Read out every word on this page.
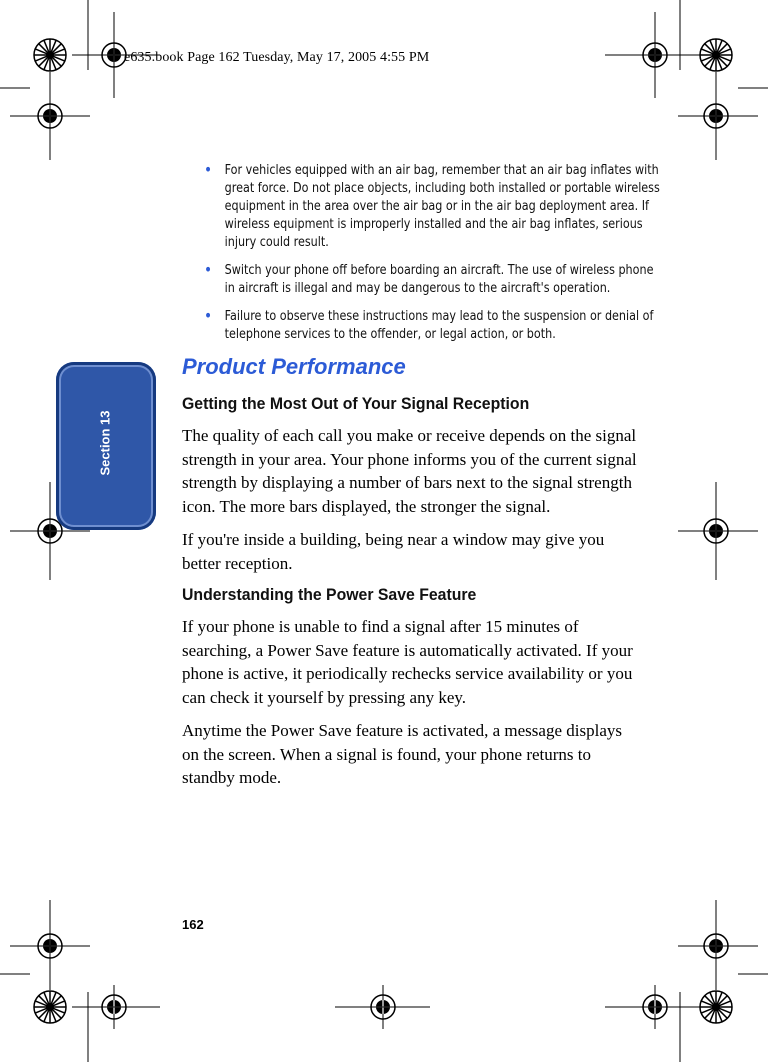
e635.book Page 162 Tuesday, May 17, 2005 4:55 PM
Section 13
• For vehicles equipped with an air bag, remember that an air bag inflates with great force. Do not place objects, including both installed or portable wireless equipment in the area over the air bag or in the air bag deployment area. If wireless equipment is improperly installed and the air bag inflates, serious injury could result.
• Switch your phone off before boarding an aircraft. The use of wireless phone in aircraft is illegal and may be dangerous to the aircraft's operation.
• Failure to observe these instructions may lead to the suspension or denial of telephone services to the offender, or legal action, or both.
Product Performance
Getting the Most Out of Your Signal Reception

The quality of each call you make or receive depends on the signal strength in your area. Your phone informs you of the current signal strength by displaying a number of bars next to the signal strength icon. The more bars displayed, the stronger the signal.

If you're inside a building, being near a window may give you better reception.

Understanding the Power Save Feature

If your phone is unable to find a signal after 15 minutes of searching, a Power Save feature is automatically activated. If your phone is active, it periodically rechecks service availability or you can check it yourself by pressing any key.

Anytime the Power Save feature is activated, a message displays on the screen. When a signal is found, your phone returns to standby mode.

162
